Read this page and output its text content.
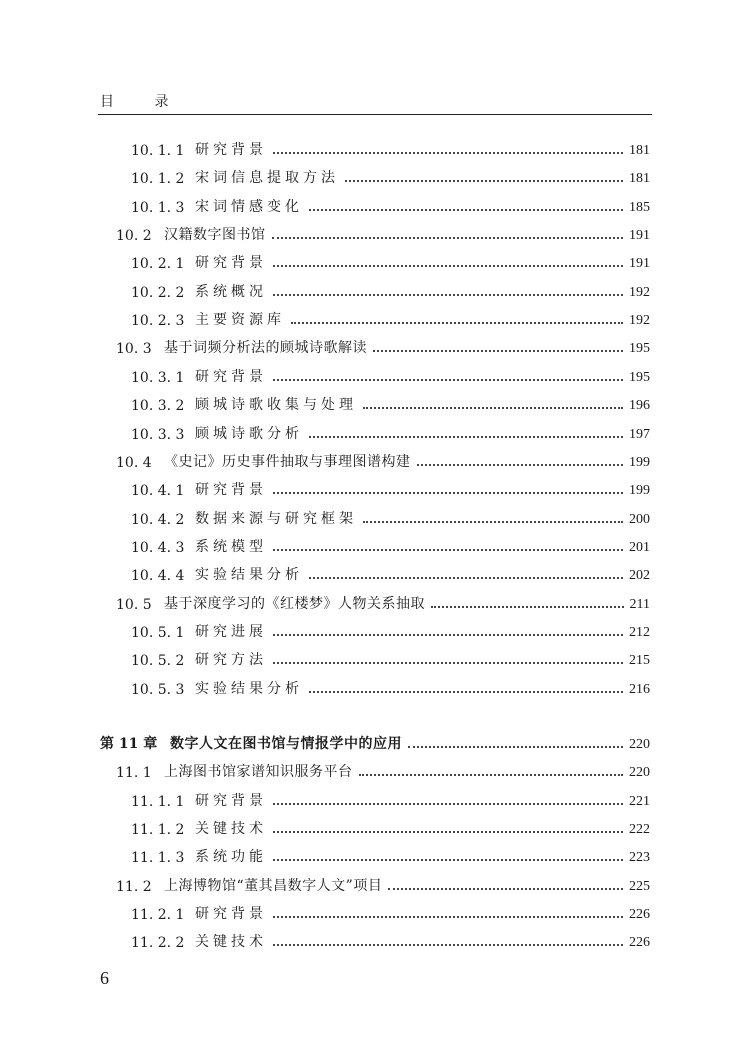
目 录
10. 1. 1 研究背景	181
10. 1. 2 宋词信息提取方法	181
10. 1. 3 宋词情感变化	185
10. 2 汉籍数字图书馆	191
10. 2. 1 研究背景	191
10. 2. 2 系统概况	192
10. 2. 3 主要资源库	192
10. 3 基于词频分析法的顾城诗歌解读	195
10. 3. 1 研究背景	195
10. 3. 2 顾城诗歌收集与处理	196
10. 3. 3 顾城诗歌分析	197
10. 4 《史记》历史事件抽取与事理图谱构建	199
10. 4. 1 研究背景	199
10. 4. 2 数据来源与研究框架	200
10. 4. 3 系统模型	201
10. 4. 4 实验结果分析	202
10. 5 基于深度学习的《红楼梦》人物关系抽取	211
10. 5. 1 研究进展	212
10. 5. 2 研究方法	215
10. 5. 3 实验结果分析	216
第 11 章 数字人文在图书馆与情报学中的应用	220
11. 1 上海图书馆家谱知识服务平台	220
11. 1. 1 研究背景	221
11. 1. 2 关键技术	222
11. 1. 3 系统功能	223
11. 2 上海博物馆“董其昌数字人文”项目	225
11. 2. 1 研究背景	226
11. 2. 2 关键技术	226
6
